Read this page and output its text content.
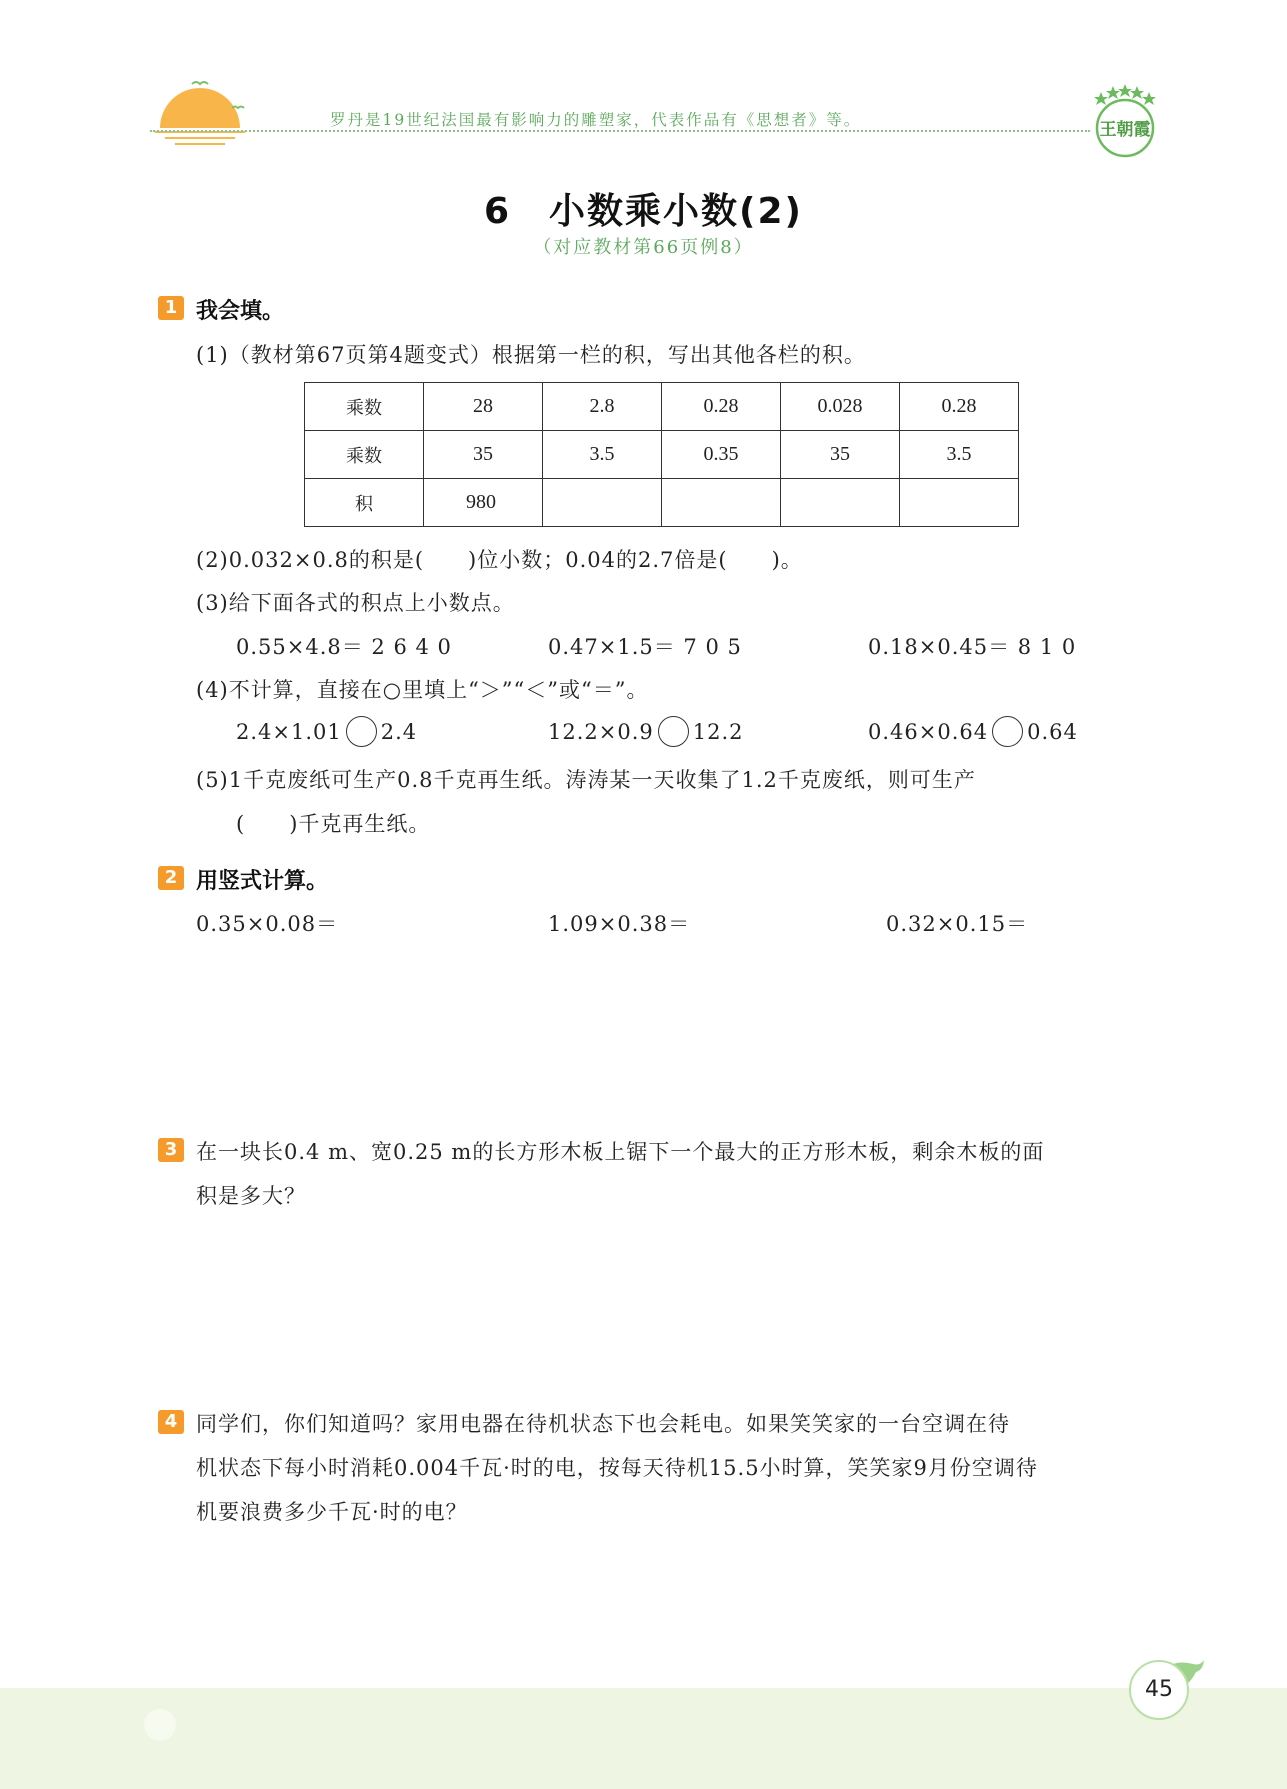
罗丹是19世纪法国最有影响力的雕塑家，代表作品有《思想者》等。	王朝霞
6　小数乘小数(2)
（对应教材第66页例8）
1 我会填。
(1)（教材第67页第4题变式）根据第一栏的积，写出其他各栏的积。
乘数	28	2.8	0.28	0.028	0.28
乘数	35	3.5	0.35	35	3.5
积	980				
(2)0.032×0.8的积是(　　)位小数；0.04的2.7倍是(　　)。
(3)给下面各式的积点上小数点。
0.55×4.8＝ 2 6 4 0	0.47×1.5＝ 7 0 5	0.18×0.45＝ 8 1 0
(4)不计算，直接在○里填上“＞”“＜”或“＝”。
2.4×1.01 2.4	12.2×0.9 12.2	0.46×0.64 0.64
(5)1千克废纸可生产0.8千克再生纸。涛涛某一天收集了1.2千克废纸，则可生产
(　　)千克再生纸。
2 用竖式计算。
0.35×0.08＝	1.09×0.38＝	0.32×0.15＝
3 在一块长0.4 m、宽0.25 m的长方形木板上锯下一个最大的正方形木板，剩余木板的面
积是多大？
4 同学们，你们知道吗？家用电器在待机状态下也会耗电。如果笑笑家的一台空调在待
机状态下每小时消耗0.004千瓦·时的电，按每天待机15.5小时算，笑笑家9月份空调待
机要浪费多少千瓦·时的电？
45
